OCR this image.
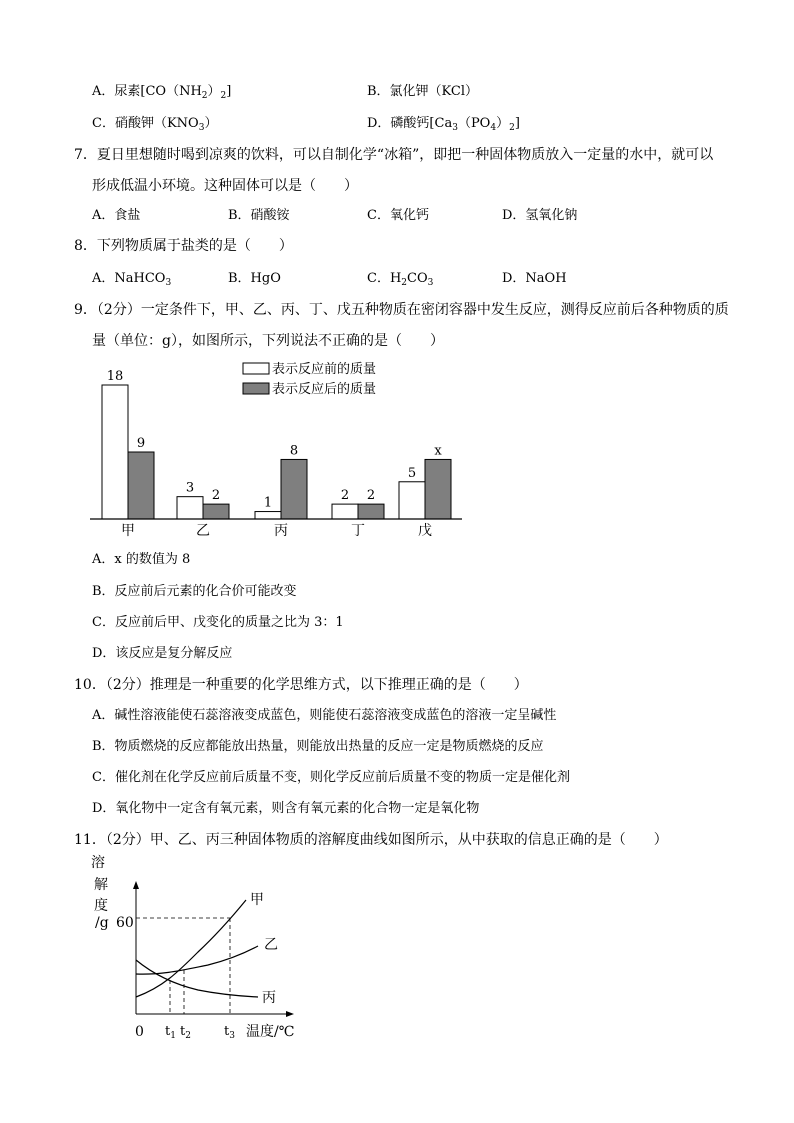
A．尿素$[CO(NH_2)_2]$	B．氯化钾（KCl）
C．硝酸钾$(KNO_3)$	D．磷酸钙$[Ca_3(PO_4)_2]$
7．夏日里想随时喝到凉爽的饮料，可以自制化学“冰箱”，即把一种固体物质放入一定量的水中，就可以
形成低温小环境。这种固体可以是（　　）
A．食盐	B．硝酸铵	C．氧化钙	D．氢氧化钠
8．下列物质属于盐类的是（　　）
A．NaHCO$_3$	B．HgO	C．$H_2CO_3$	D．NaOH
9．（2分）一定条件下，甲、乙、丙、丁、戊五种物质在密闭容器中发生反应，测得反应前后各种物质的质
量（单位：g），如图所示，下列说法不正确的是（　　）
18
9
甲
3 2
乙
1
8
丙
2 2
丁
5
x
戊
表示反应前的质量
表示反应后的质量
A．x 的数值为 8
B．反应前后元素的化合价可能改变
C．反应前后甲、戊变化的质量之比为 3：1
D．该反应是复分解反应
10．（2分）推理是一种重要的化学思维方式，以下推理正确的是（　　）
A．碱性溶液能使石蕊溶液变成蓝色，则能使石蕊溶液变成蓝色的溶液一定呈碱性
B．物质燃烧的反应都能放出热量，则能放出热量的反应一定是物质燃烧的反应
C．催化剂在化学反应前后质量不变，则化学反应前后质量不变的物质一定是催化剂
D．氧化物中一定含有氧元素，则含有氧元素的化合物一定是氧化物
11．（2分）甲、乙、丙三种固体物质的溶解度曲线如图所示，从中获取的信息正确的是（　　）
溶
解
度
/g 60
0
甲
乙
丙
$t_1$ $t_2$	$t_3$ 温度/℃
